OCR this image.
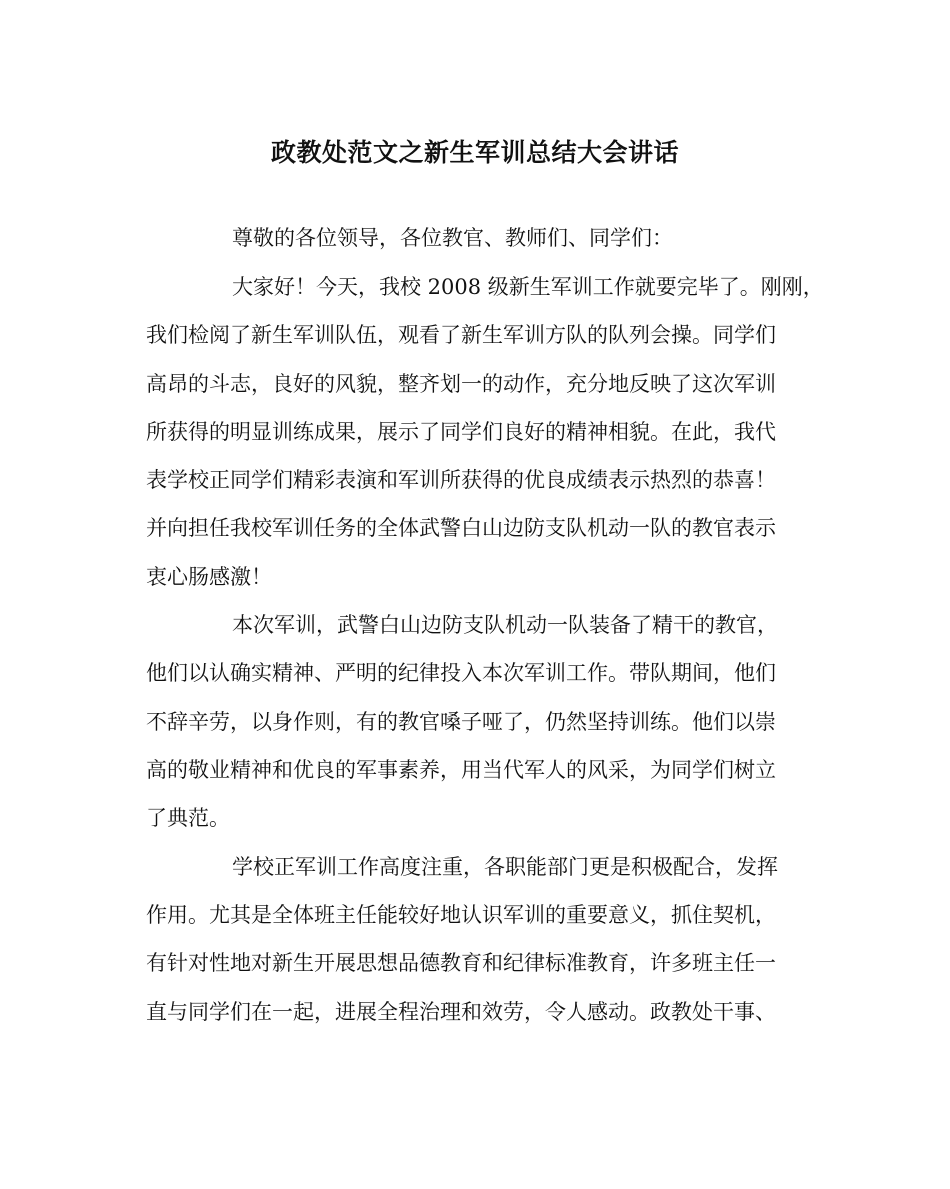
政教处范文之新生军训总结大会讲话

尊敬的各位领导，各位教官、教师们、同学们：

大家好！今天，我校 2008 级新生军训工作就要完毕了。刚刚，

我们检阅了新生军训队伍，观看了新生军训方队的队列会操。同学们

高昂的斗志，良好的风貌，整齐划一的动作，充分地反映了这次军训

所获得的明显训练成果，展示了同学们良好的精神相貌。在此，我代

表学校正同学们精彩表演和军训所获得的优良成绩表示热烈的恭喜！

并向担任我校军训任务的全体武警白山边防支队机动一队的教官表示

衷心肠感激！

本次军训，武警白山边防支队机动一队装备了精干的教官，

他们以认确实精神、严明的纪律投入本次军训工作。带队期间，他们

不辞辛劳，以身作则，有的教官嗓子哑了，仍然坚持训练。他们以崇

高的敬业精神和优良的军事素养，用当代军人的风采，为同学们树立

了典范。

学校正军训工作高度注重，各职能部门更是积极配合，发挥

作用。尤其是全体班主任能较好地认识军训的重要意义，抓住契机，

有针对性地对新生开展思想品德教育和纪律标准教育，许多班主任一

直与同学们在一起，进展全程治理和效劳，令人感动。政教处干事、
